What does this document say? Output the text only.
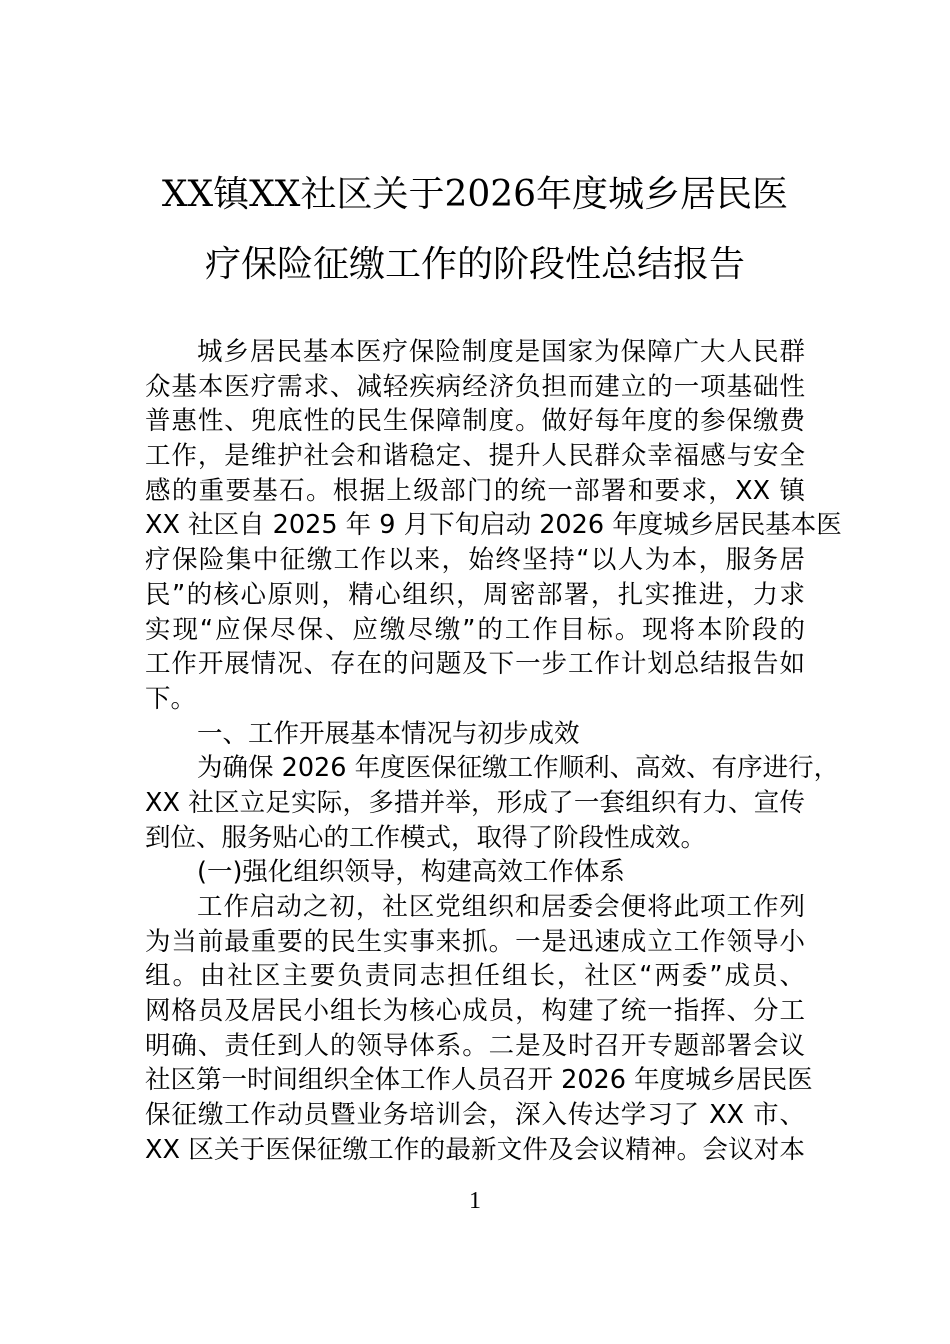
XX镇XX社区关于2026年度城乡居民医
疗保险征缴工作的阶段性总结报告
城乡居民基本医疗保险制度是国家为保障广大人民群
众基本医疗需求、减轻疾病经济负担而建立的一项基础性
普惠性、兜底性的民生保障制度。做好每年度的参保缴费
工作，是维护社会和谐稳定、提升人民群众幸福感与安全
感的重要基石。根据上级部门的统一部署和要求，XX 镇
XX 社区自 2025 年 9 月下旬启动 2026 年度城乡居民基本医
疗保险集中征缴工作以来，始终坚持“以人为本，服务居
民”的核心原则，精心组织，周密部署，扎实推进，力求
实现“应保尽保、应缴尽缴”的工作目标。现将本阶段的
工作开展情况、存在的问题及下一步工作计划总结报告如
下。
一、工作开展基本情况与初步成效
为确保 2026 年度医保征缴工作顺利、高效、有序进行，
XX 社区立足实际，多措并举，形成了一套组织有力、宣传
到位、服务贴心的工作模式，取得了阶段性成效。
(一)强化组织领导，构建高效工作体系
工作启动之初，社区党组织和居委会便将此项工作列
为当前最重要的民生实事来抓。一是迅速成立工作领导小
组。由社区主要负责同志担任组长，社区“两委”成员、
网格员及居民小组长为核心成员，构建了统一指挥、分工
明确、责任到人的领导体系。二是及时召开专题部署会议
社区第一时间组织全体工作人员召开 2026 年度城乡居民医
保征缴工作动员暨业务培训会，深入传达学习了 XX 市、
XX 区关于医保征缴工作的最新文件及会议精神。会议对本
1
